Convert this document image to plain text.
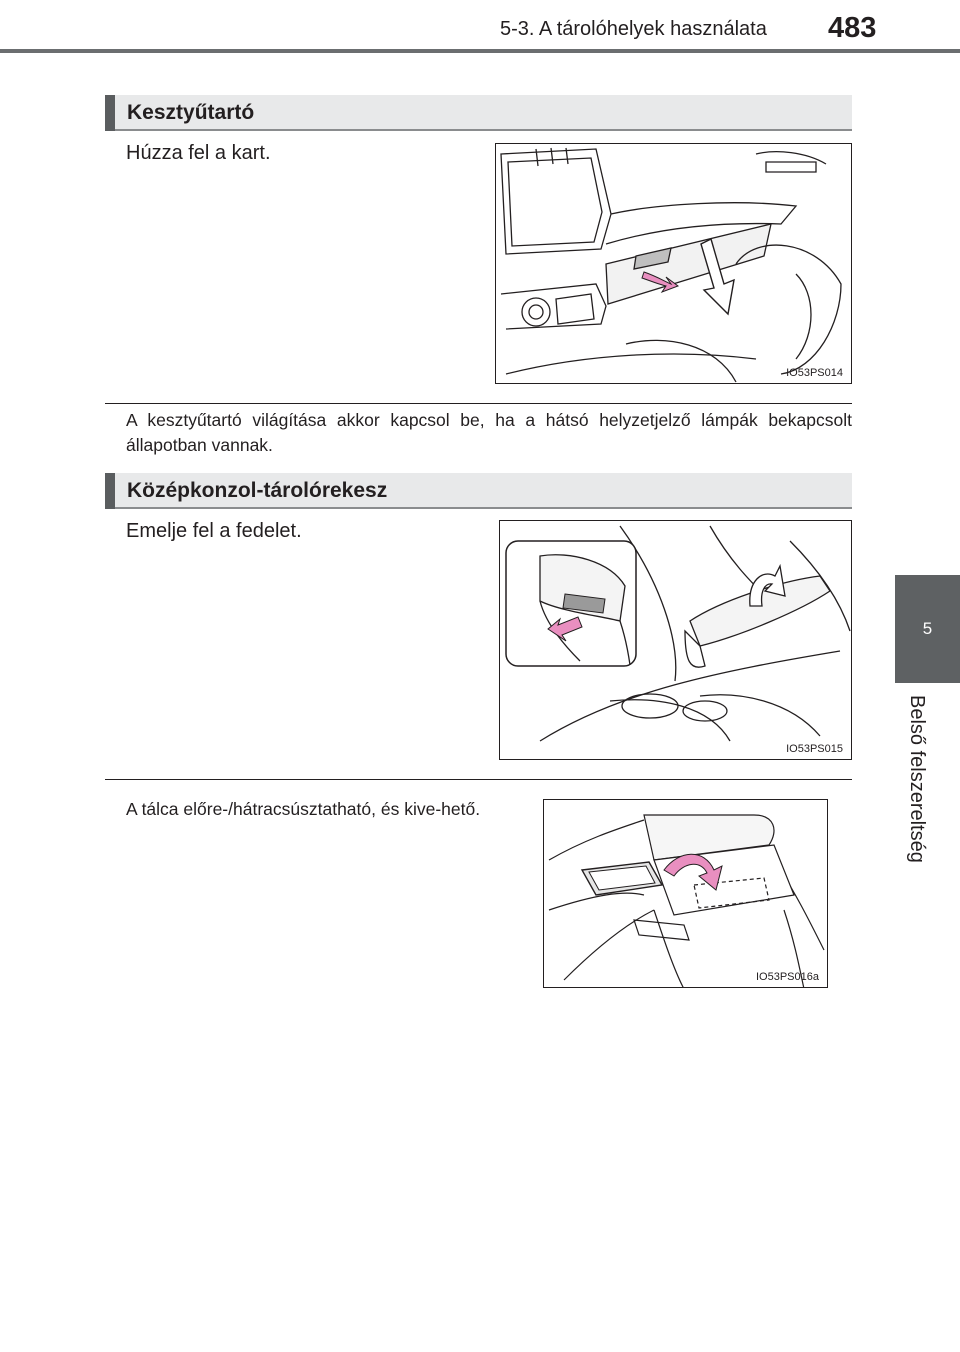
5-3. A tárolóhelyek használata 483
5
Belső felszereltség
Kesztyűtartó
Húzza fel a kart.
IO53PS014
A kesztyűtartó világítása akkor kapcsol be, ha a hátsó helyzetjelző lámpák bekapcsolt állapotban vannak.
Középkonzol-tárolórekesz
Emelje fel a fedelet.
IO53PS015
A tálca előre-/hátracsúsztatható, és kive-hető.
IO53PS016a
